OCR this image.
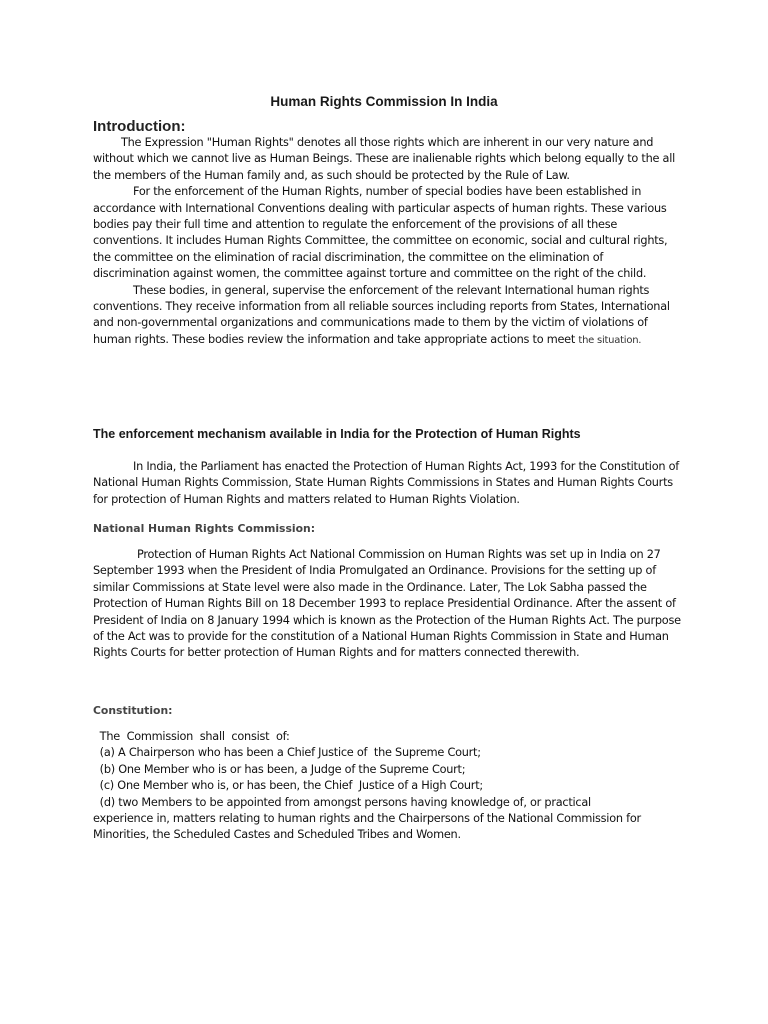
Human Rights Commission In India
Introduction:

The Expression "Human Rights" denotes all those rights which are inherent in our very nature and without which we cannot live as Human Beings. These are inalienable rights which belong equally to the all the members of the Human family and, as such should be protected by the Rule of Law.

For the enforcement of the Human Rights, number of special bodies have been established in accordance with International Conventions dealing with particular aspects of human rights. These various bodies pay their full time and attention to regulate the enforcement of the provisions of all these conventions. It includes Human Rights Committee, the committee on economic, social and cultural rights, the committee on the elimination of racial discrimination, the committee on the elimination of discrimination against women, the committee against torture and committee on the right of the child.

These bodies, in general, supervise the enforcement of the relevant International human rights conventions. They receive information from all reliable sources including reports from States, International and non-governmental organizations and communications made to them by the victim of violations of human rights. These bodies review the information and take appropriate actions to meet the situation.

The enforcement mechanism available in India for the Protection of Human Rights

In India, the Parliament has enacted the Protection of Human Rights Act, 1993 for the Constitution of National Human Rights Commission, State Human Rights Commissions in States and Human Rights Courts for protection of Human Rights and matters related to Human Rights Violation.

National Human Rights Commission:

Protection of Human Rights Act National Commission on Human Rights was set up in India on 27 September 1993 when the President of India Promulgated an Ordinance. Provisions for the setting up of similar Commissions at State level were also made in the Ordinance. Later, The Lok Sabha passed the Protection of Human Rights Bill on 18 December 1993 to replace Presidential Ordinance. After the assent of President of India on 8 January 1994 which is known as the Protection of the Human Rights Act. The purpose of the Act was to provide for the constitution of a National Human Rights Commission in State and Human Rights Courts for better protection of Human Rights and for matters connected therewith.

Constitution:
The  Commission  shall  consist  of:
(a) A Chairperson who has been a Chief Justice of  the Supreme Court;
(b) One Member who is or has been, a Judge of the Supreme Court;
(c) One Member who is, or has been, the Chief  Justice of a High Court;
(d) two Members to be appointed from amongst persons having knowledge of, or practical
experience in, matters relating to human rights and the Chairpersons of the National Commission for
Minorities, the Scheduled Castes and Scheduled Tribes and Women.
